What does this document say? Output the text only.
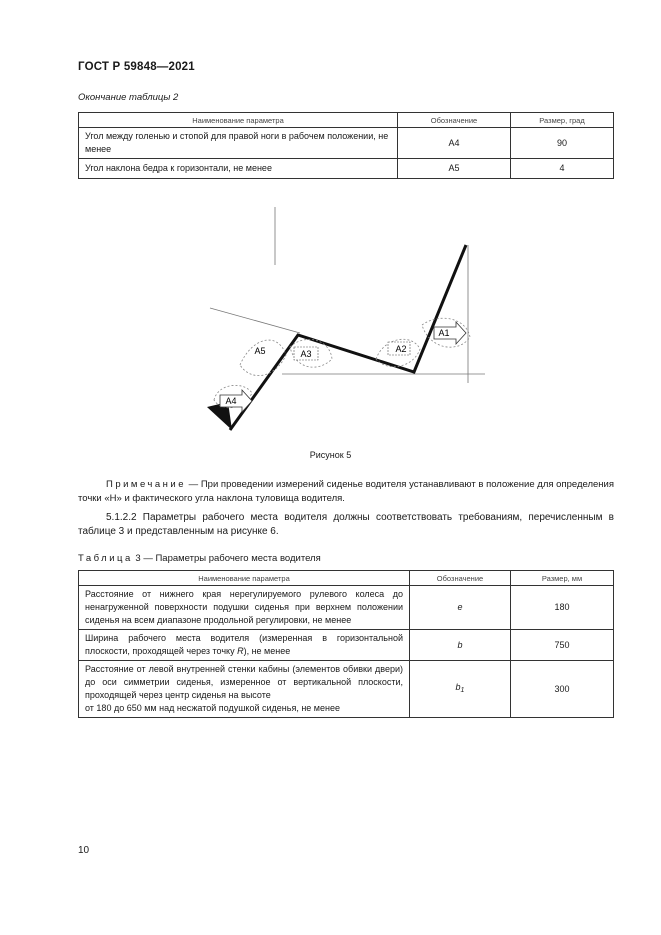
ГОСТ Р 59848—2021
Окончание таблицы 2
Наименование параметра	Обозначение	Размер, град
Угол между голенью и стопой для правой ноги в рабочем положении, не менее	A4	90
Угол наклона бедра к горизонтали, не менее	A5	4
A1
A4
A2
A3
A5
Рисунок 5
Примечание — При проведении измерений сиденье водителя устанавливают в положение для определения точки «Н» и фактического угла наклона туловища водителя.
5.1.2.2 Параметры рабочего места водителя должны соответствовать требованиям, перечисленным в таблице 3 и представленным на рисунке 6.
Таблица 3 — Параметры рабочего места водителя
Наименование параметра	Обозначение	Размер, мм
Расстояние от нижнего края нерегулируемого рулевого колеса до ненагруженной поверхности подушки сиденья при верхнем положении сиденья на всем диапазоне продольной регулировки, не менее	e	180
Ширина рабочего места водителя (измеренная в горизонтальной плоскости, проходящей через точку R), не менее	b	750

Расстояние от левой внутренней стенки кабины (элементов обивки двери) до оси симметрии сиденья, измеренное от вертикальной плоскости, проходящей через центр сиденья на высоте
от 180 до 650 мм над несжатой подушкой сиденья, не менее	$b_1$	300
10
